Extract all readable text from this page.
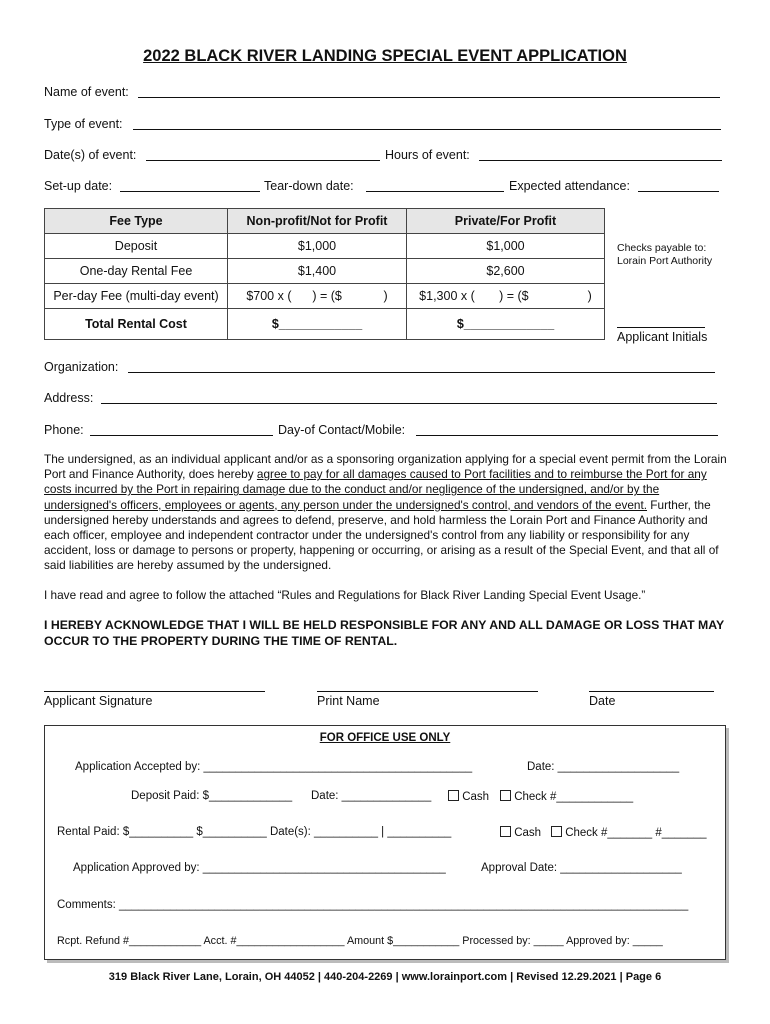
2022 BLACK RIVER LANDING SPECIAL EVENT APPLICATION
Name of event:
Type of event:
Date(s) of event:	Hours of event:
Set-up date:	Tear-down date:	Expected attendance:
Fee Type	Non-profit/Not for Profit	Private/For Profit
Deposit	$1,000	$1,000
One-day Rental Fee	$1,400	$2,600
Per-day Fee (multi-day event)	$700 x (      ) = ($            )	$1,300 x (       ) = ($                 )
Total Rental Cost	$____________	$_____________
Checks payable to:
Lorain Port Authority
Applicant Initials
Organization:
Address:
Phone:	Day-of Contact/Mobile:
The undersigned, as an individual applicant and/or as a sponsoring organization applying for a special event permit from the Lorain Port and Finance Authority, does hereby agree to pay for all damages caused to Port facilities and to reimburse the Port for any costs incurred by the Port in repairing damage due to the conduct and/or negligence of the undersigned, and/or by the undersigned's officers, employees or agents, any person under the undersigned's control, and vendors of the event. Further, the undersigned hereby understands and agrees to defend, preserve, and hold harmless the Lorain Port and Finance Authority and each officer, employee and independent contractor under the undersigned's control from any liability or responsibility for any accident, loss or damage to persons or property, happening or occurring, or arising as a result of the Special Event, and that all of said liabilities are hereby assumed by the undersigned.
I have read and agree to follow the attached “Rules and Regulations for Black River Landing Special Event Usage.”
I HEREBY ACKNOWLEDGE THAT I WILL BE HELD RESPONSIBLE FOR ANY AND ALL DAMAGE OR LOSS THAT MAY OCCUR TO THE PROPERTY DURING THE TIME OF RENTAL.
Applicant Signature	Print Name	Date
FOR OFFICE USE ONLY
Application Accepted by: __________________________________________	Date: ___________________
Deposit Paid: $_____________ Date: ______________	Cash	Check #____________
Rental Paid: $__________ $__________ Date(s): __________ | __________	Cash	Check #_______ #_______
Application Approved by: ______________________________________	Approval Date: ___________________
Comments: _________________________________________________________________________________________
Rcpt. Refund #____________ Acct. #__________________ Amount $___________ Processed by: _____ Approved by: _____
319 Black River Lane, Lorain, OH 44052 | 440-204-2269 | www.lorainport.com | Revised 12.29.2021 | Page 6
